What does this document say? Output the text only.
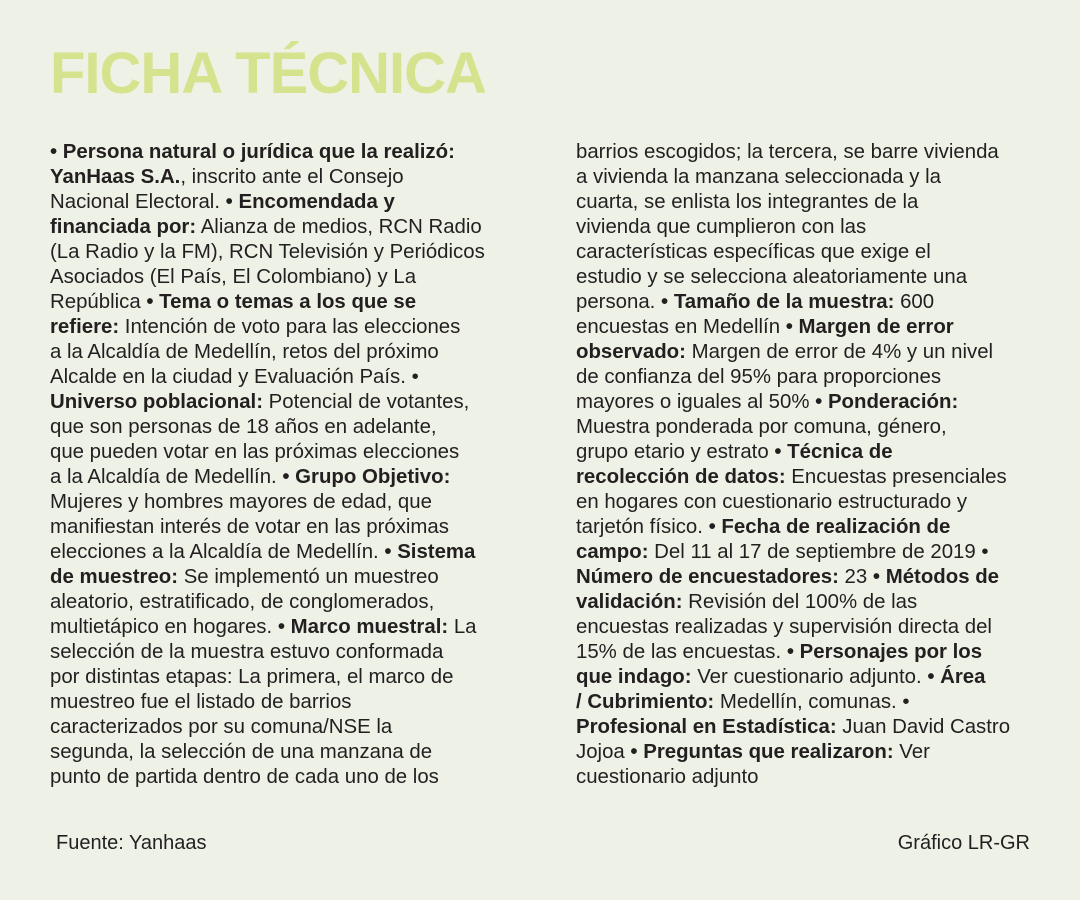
FICHA TÉCNICA
• Persona natural o jurídica que la realizó:
YanHaas S.A., inscrito ante el Consejo
Nacional Electoral. • Encomendada y
financiada por: Alianza de medios, RCN Radio
(La Radio y la FM), RCN Televisión y Periódicos
Asociados (El País, El Colombiano) y La
República • Tema o temas a los que se
refiere: Intención de voto para las elecciones
a la Alcaldía de Medellín, retos del próximo
Alcalde en la ciudad y Evaluación País. •
Universo poblacional: Potencial de votantes,
que son personas de 18 años en adelante,
que pueden votar en las próximas elecciones
a la Alcaldía de Medellín. • Grupo Objetivo:
Mujeres y hombres mayores de edad, que
manifiestan interés de votar en las próximas
elecciones a la Alcaldía de Medellín. • Sistema
de muestreo: Se implementó un muestreo
aleatorio, estratificado, de conglomerados,
multietápico en hogares. • Marco muestral: La
selección de la muestra estuvo conformada
por distintas etapas: La primera, el marco de
muestreo fue el listado de barrios
caracterizados por su comuna/NSE la
segunda, la selección de una manzana de
punto de partida dentro de cada uno de los
barrios escogidos; la tercera, se barre vivienda
a vivienda la manzana seleccionada y la
cuarta, se enlista los integrantes de la
vivienda que cumplieron con las
características específicas que exige el
estudio y se selecciona aleatoriamente una
persona. • Tamaño de la muestra: 600
encuestas en Medellín • Margen de error
observado: Margen de error de 4% y un nivel
de confianza del 95% para proporciones
mayores o iguales al 50% • Ponderación:
Muestra ponderada por comuna, género,
grupo etario y estrato • Técnica de
recolección de datos: Encuestas presenciales
en hogares con cuestionario estructurado y
tarjetón físico. • Fecha de realización de
campo: Del 11 al 17 de septiembre de 2019 •
Número de encuestadores: 23 • Métodos de
validación: Revisión del 100% de las
encuestas realizadas y supervisión directa del
15% de las encuestas. • Personajes por los
que indago: Ver cuestionario adjunto. • Área
/ Cubrimiento: Medellín, comunas. •
Profesional en Estadística: Juan David Castro
Jojoa • Preguntas que realizaron: Ver
cuestionario adjunto
Fuente: Yanhaas	Gráfico LR-GR
